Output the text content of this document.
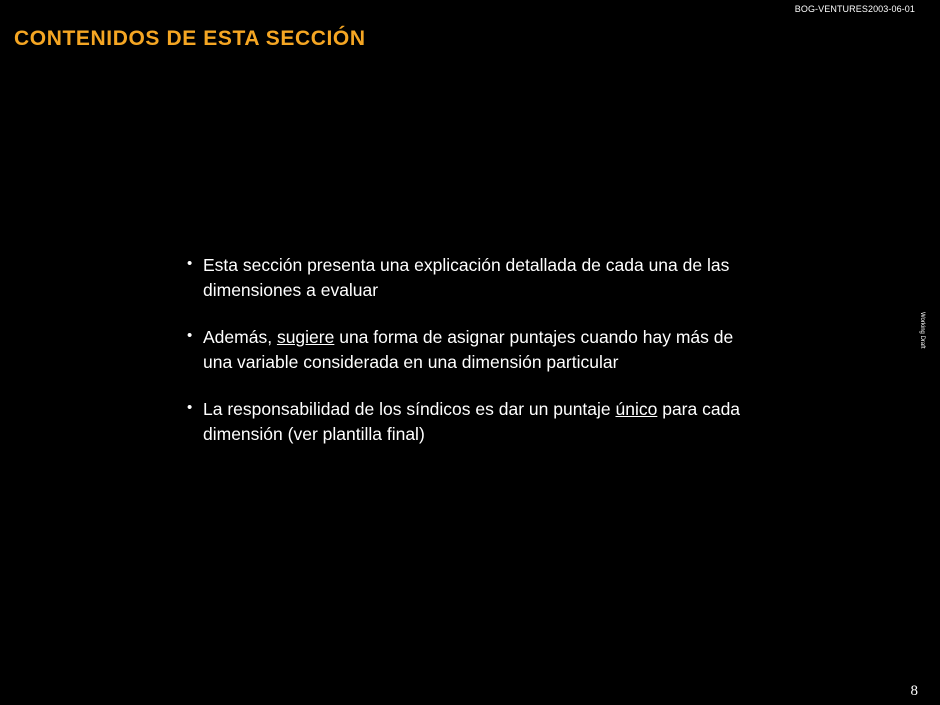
BOG-VENTURES2003-06-01
CONTENIDOS DE ESTA SECCIÓN
Working Draft
• Esta sección presenta una explicación detallada de cada una de las dimensiones a evaluar
• Además, sugiere una forma de asignar puntajes cuando hay más de una variable considerada en una dimensión particular
• La responsabilidad de los síndicos es dar un puntaje único para cada dimensión (ver plantilla final)
8
